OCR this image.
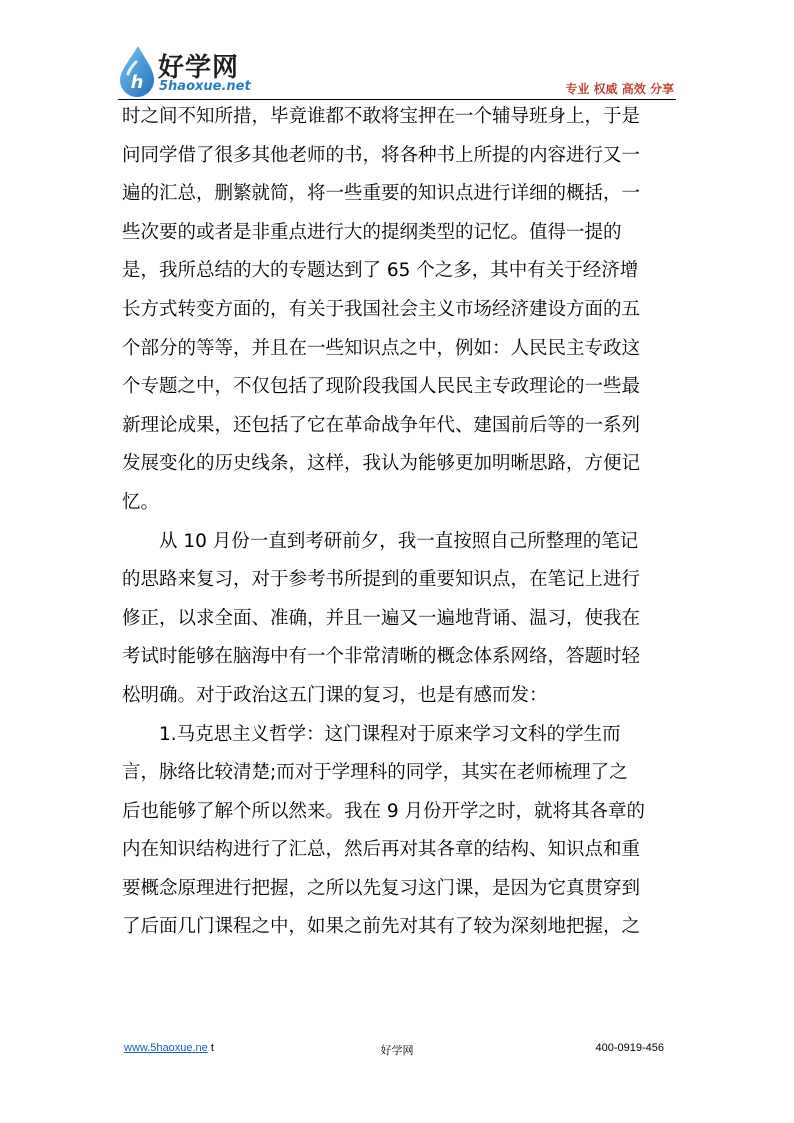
h 好学网
5haoxue.net	专业 权威 高效 分享
时之间不知所措，毕竟谁都不敢将宝押在一个辅导班身上，于是
问同学借了很多其他老师的书，将各种书上所提的内容进行又一
遍的汇总，删繁就简，将一些重要的知识点进行详细的概括，一
些次要的或者是非重点进行大的提纲类型的记忆。值得一提的
是，我所总结的大的专题达到了 65 个之多，其中有关于经济增
长方式转变方面的，有关于我国社会主义市场经济建设方面的五
个部分的等等，并且在一些知识点之中，例如：人民民主专政这
个专题之中，不仅包括了现阶段我国人民民主专政理论的一些最
新理论成果，还包括了它在革命战争年代、建国前后等的一系列
发展变化的历史线条，这样，我认为能够更加明晰思路，方便记
忆。
从 10 月份一直到考研前夕，我一直按照自己所整理的笔记
的思路来复习，对于参考书所提到的重要知识点，在笔记上进行
修正，以求全面、准确，并且一遍又一遍地背诵、温习，使我在
考试时能够在脑海中有一个非常清晰的概念体系网络，答题时轻
松明确。对于政治这五门课的复习，也是有感而发：
1.马克思主义哲学：这门课程对于原来学习文科的学生而
言，脉络比较清楚;而对于学理科的同学，其实在老师梳理了之
后也能够了解个所以然来。我在 9 月份开学之时，就将其各章的
内在知识结构进行了汇总，然后再对其各章的结构、知识点和重
要概念原理进行把握，之所以先复习这门课，是因为它真贯穿到
了后面几门课程之中，如果之前先对其有了较为深刻地把握，之
www.5haoxue.ne t	好学网	400-0919-456
